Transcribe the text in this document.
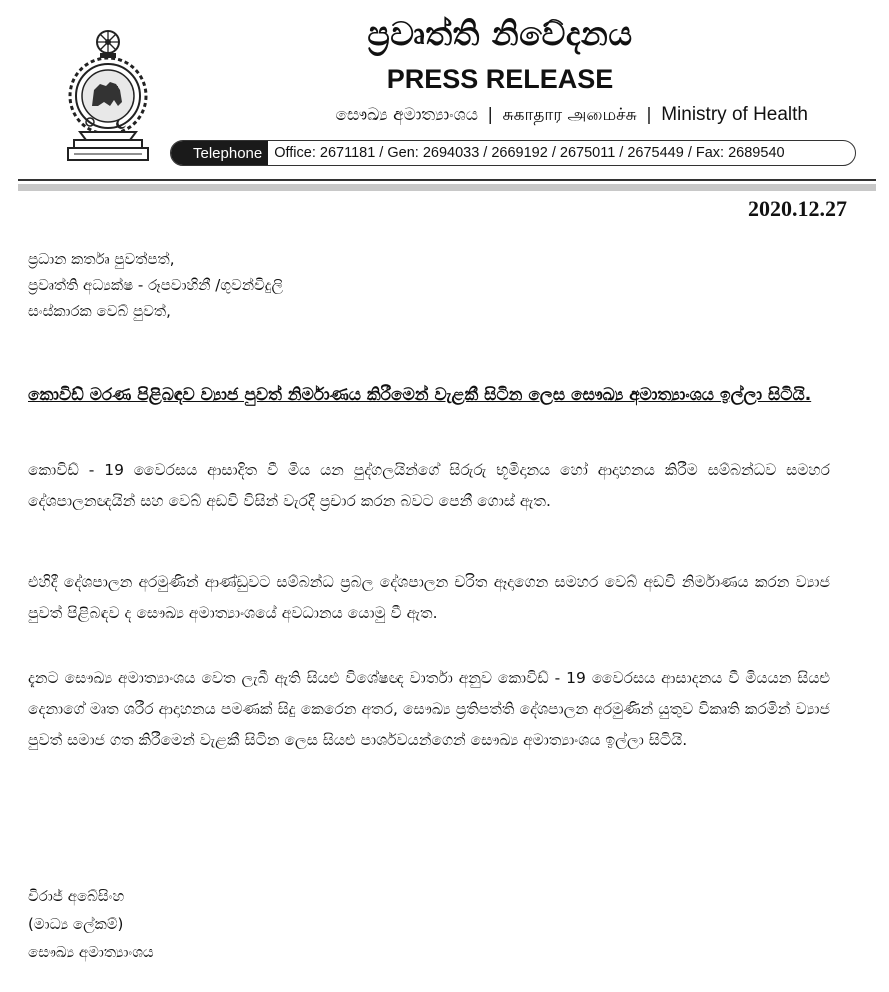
ප්‍රවෘත්ති නිවේදනය
PRESS RELEASE
සෞඛ්‍ය අමාත්‍යාංශය | சுகாதார அமைச்சு | Ministry of Health
Telephone Office: 2671181 / Gen: 2694033 / 2669192 / 2675011 / 2675449 / Fax: 2689540
2020.12.27
ප්‍රධාන කර්තෘ පුවත්පත්,
ප්‍රවෘත්ති අධ්‍යක්ෂ - රූපවාහිනී /ගුවන්විදුලි
සංස්කාරක වෙබ් පුවත්,
කොවිඩ් මරණ පිළිබඳව ව්‍යාජ පුවත් නිර්මාණය කිරීමෙන් වැළකී සිටින ලෙස සෞඛ්‍ය අමාත්‍යාංශය ඉල්ලා සිටියි.
කොවිඩ් - 19 වෛරසය ආසාදිත වී මිය යන පුද්ගලයින්ගේ සිරුරු භූමිදානය හෝ ආදාහනය කිරීම සම්බන්ධව සමහර දේශපාලනඥයින් සහ වෙබ් අඩවි විසින් වැරදි ප්‍රචාර කරන බවට පෙනී ගොස් ඇත.
එහිදී දේශපාලන අරමුණින් ආණ්ඩුවට සම්බන්ධ ප්‍රබල දේශපාලන චරිත ඈදාගෙන සමහර වෙබ් අඩවි නිර්මාණය කරන ව්‍යාජ පුවත් පිළිබඳව ද සෞඛ්‍ය අමාත්‍යාංශයේ අවධානය යොමු වී ඇත.
දැනට සෞඛ්‍ය අමාත්‍යාංශය වෙත ලැබී ඇති සියළු විශේෂඥ වාර්තා අනුව කොවිඩ් - 19 වෛරසය ආසාදනය වී මියයන සියළු දෙනාගේ මෘත ශරීර ආදාහනය පමණක් සිදු කෙරෙන අතර, සෞඛ්‍ය ප්‍රතිපත්ති දේශපාලන අරමුණින් යුතුව විකෘති කරමින් ව්‍යාජ පුවත් සමාජ ගත කිරීමෙන් වැළකී සිටින ලෙස සියළු පාර්ශවයන්ගෙන් සෞඛ්‍ය අමාත්‍යාංශය ඉල්ලා සිටියි.
විරාජ් අබේසිංහ
(මාධ්‍ය ලේකම්)
සෞඛ්‍ය අමාත්‍යාංශය
